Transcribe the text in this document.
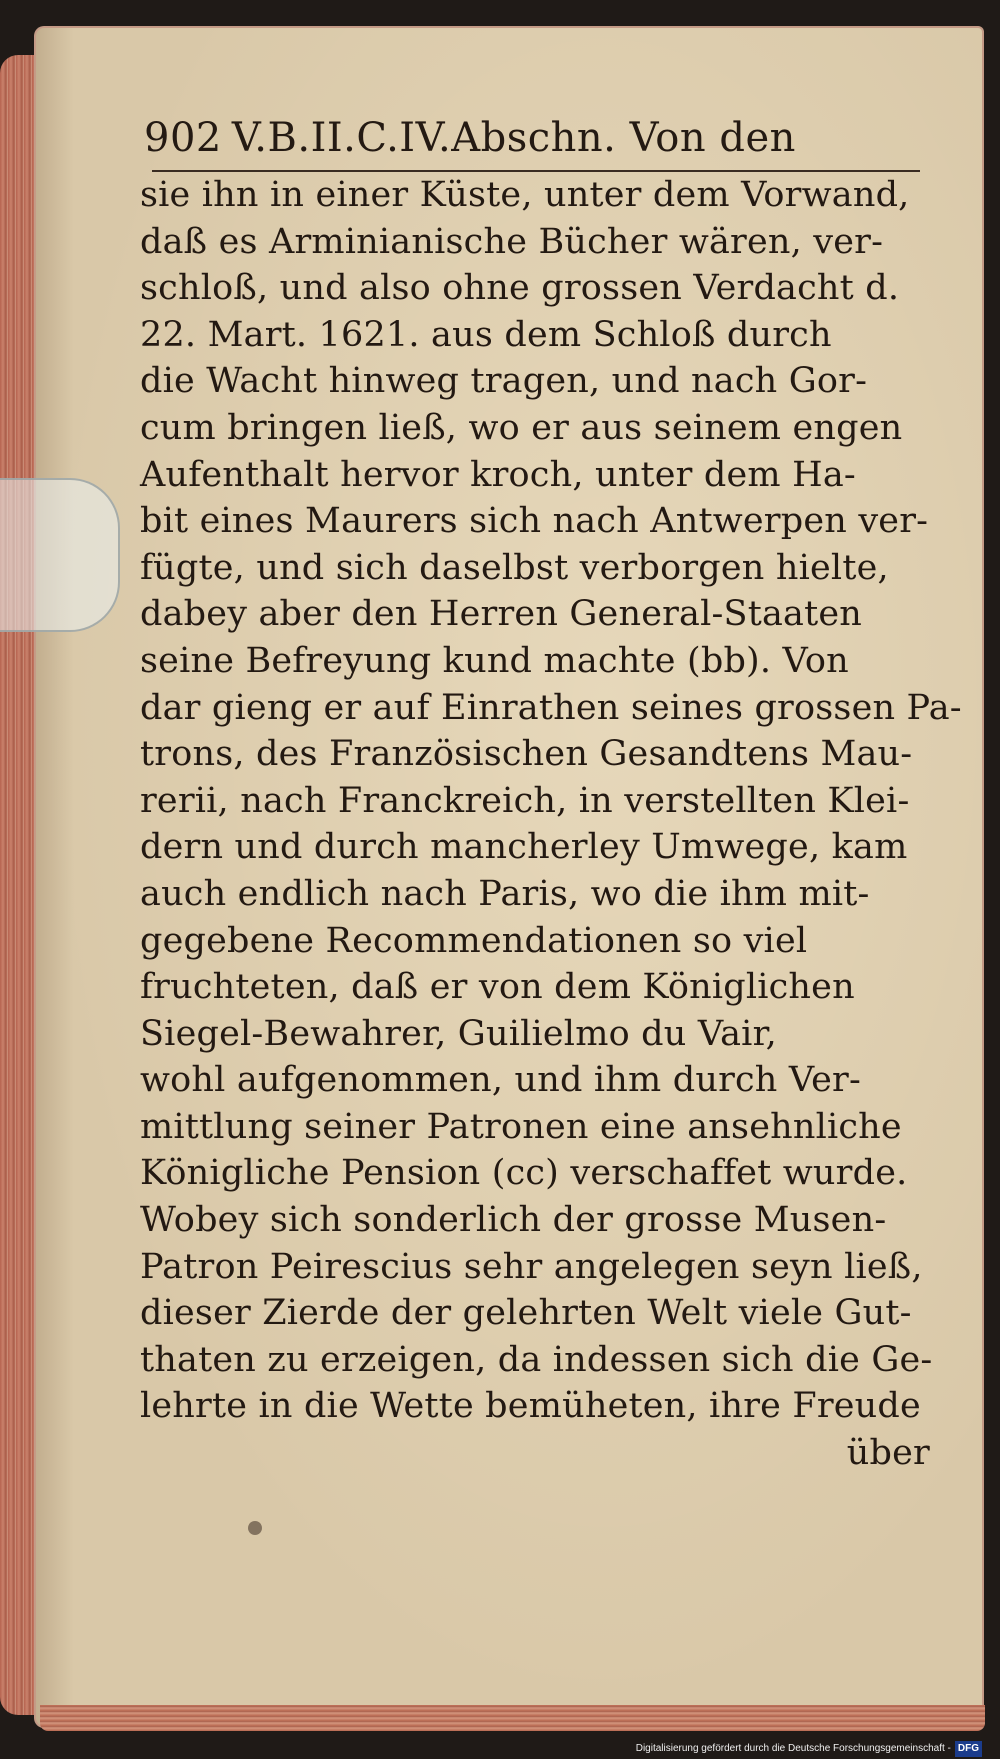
902 V.B.II.C.IV.Abschn. Von den
sie ihn in einer Küste, unter dem Vorwand,
daß es Arminianische Bücher wären, ver-
schloß, und also ohne grossen Verdacht d.
22. Mart. 1621. aus dem Schloß durch
die Wacht hinweg tragen, und nach Gor-
cum bringen ließ, wo er aus seinem engen
Aufenthalt hervor kroch, unter dem Ha-
bit eines Maurers sich nach Antwerpen ver-
fügte, und sich daselbst verborgen hielte,
dabey aber den Herren General-Staaten
seine Befreyung kund machte (bb). Von
dar gieng er auf Einrathen seines grossen Pa-
trons, des Französischen Gesandtens Mau-
rerii, nach Franckreich, in verstellten Klei-
dern und durch mancherley Umwege, kam
auch endlich nach Paris, wo die ihm mit-
gegebene Recommendationen so viel
fruchteten, daß er von dem Königlichen
Siegel-Bewahrer, Guilielmo du Vair,
wohl aufgenommen, und ihm durch Ver-
mittlung seiner Patronen eine ansehnliche
Königliche Pension (cc) verschaffet wurde.
Wobey sich sonderlich der grosse Musen-
Patron Peirescius sehr angelegen seyn ließ,
dieser Zierde der gelehrten Welt viele Gut-
thaten zu erzeigen, da indessen sich die Ge-
lehrte in die Wette bemüheten, ihre Freude
über
Digitalisierung gefördert durch die Deutsche Forschungsgemeinschaft - DFG
